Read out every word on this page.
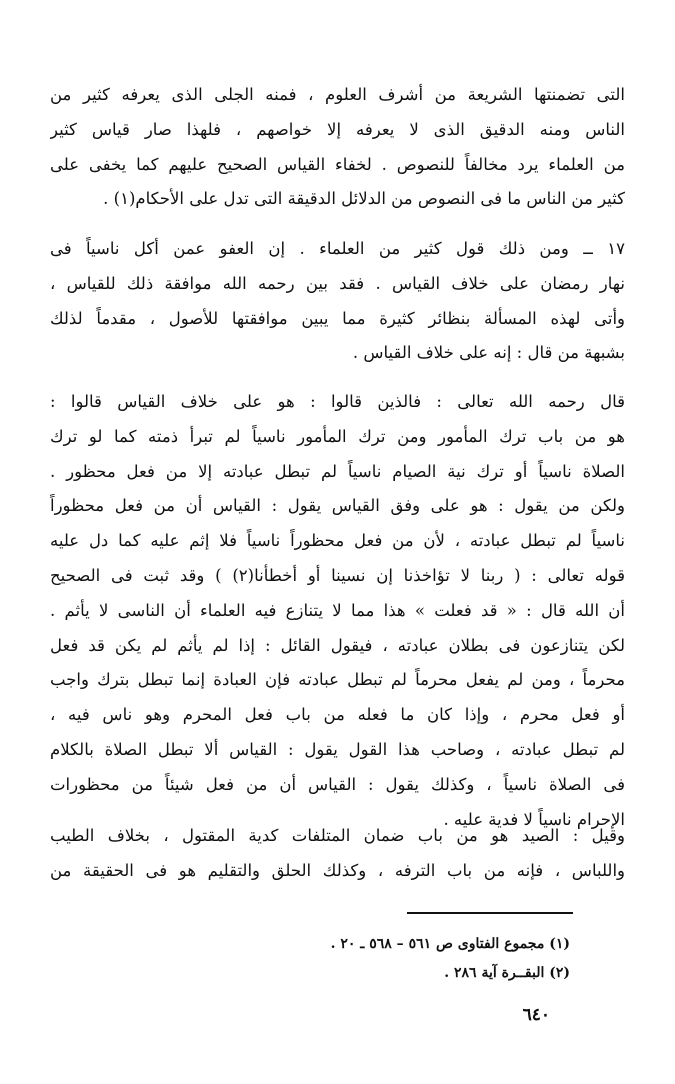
التى تضمنتها الشريعة من أشرف العلوم ، فمنه الجلى الذى يعرفه كثير من
الناس ومنه الدقيق الذى لا يعرفه إلا خواصهم ، فلهذا صار قياس كثير
من العلماء يرد مخالفاً للنصوص . لخفاء القياس الصحيح عليهم كما يخفى على
كثير من الناس ما فى النصوص من الدلائل الدقيقة التى تدل على الأحكام(١) .
١٧ ــ ومن ذلك قول كثير من العلماء . إن العفو عمن أكل ناسياً فى
نهار رمضان على خلاف القياس . فقد بين رحمه الله موافقة ذلك للقياس ،
وأتى لهذه المسألة بنظائر كثيرة مما يبين موافقتها للأصول ، مقدماً لذلك
بشبهة من قال : إنه على خلاف القياس .
قال رحمه الله تعالى : فالذين قالوا : هو على خلاف القياس قالوا :
هو من باب ترك المأمور ومن ترك المأمور ناسياً لم تبرأ ذمته كما لو ترك
الصلاة ناسياً أو ترك نية الصيام ناسياً لم تبطل عبادته إلا من فعل محظور .
ولكن من يقول : هو على وفق القياس يقول : القياس أن من فعل محظوراً
ناسياً لم تبطل عبادته ، لأن من فعل محظوراً ناسياً فلا إثم عليه كما دل عليه
قوله تعالى : ( ربنا لا تؤاخذنا إن نسينا أو أخطأنا(٢) ) وقد ثبت فى الصحيح
أن الله قال : « قد فعلت » هذا مما لا يتنازع فيه العلماء أن الناسى لا يأثم .
لكن يتنازعون فى بطلان عبادته ، فيقول القائل : إذا لم يأثم لم يكن قد فعل
محرماً ، ومن لم يفعل محرماً لم تبطل عبادته فإن العبادة إنما تبطل بترك واجب
أو فعل محرم ، وإذا كان ما فعله من باب فعل المحرم وهو ناس فيه ،
لم تبطل عبادته ، وصاحب هذا القول يقول : القياس ألا تبطل الصلاة بالكلام
فى الصلاة ناسياً ، وكذلك يقول : القياس أن من فعل شيئاً من محظورات
الإحرام ناسياً لا فدية عليه .
وقيل : الصيد هو من باب ضمان المتلفات كدية المقتول ، بخلاف الطيب
واللباس ، فإنه من باب الترفه ، وكذلك الحلق والتقليم هو فى الحقيقة من
(١) مجموع الفتاوى ص ٥٦١ – ٥٦٨ ـ ٢٠ .
(٢) البقــرة آية ٢٨٦ .
٦٤٠
